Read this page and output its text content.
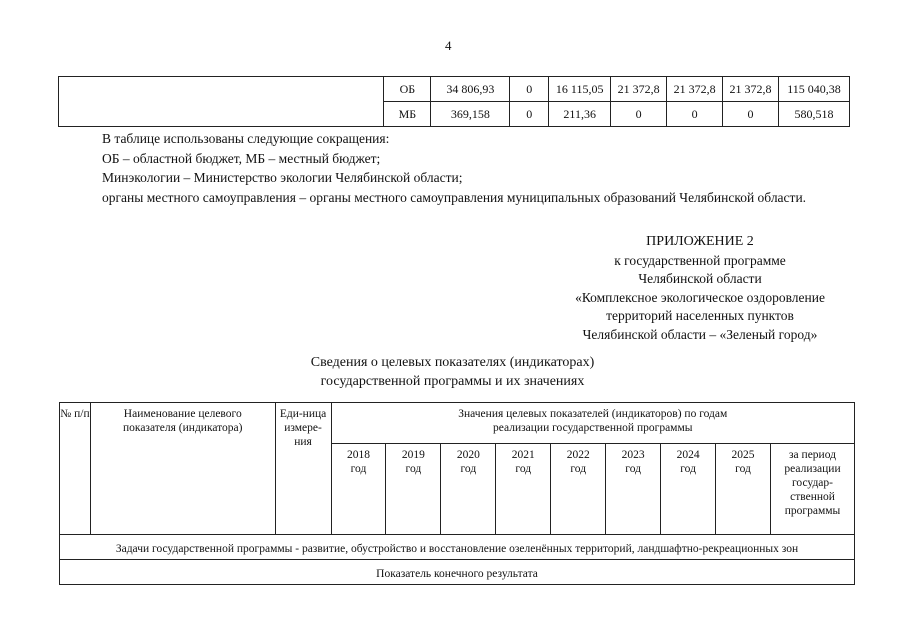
4
	ОБ	34 806,93	0	16 115,05	21 372,8	21 372,8	21 372,8	115 040,38
	МБ	369,158	0	211,36	0	0	0	580,518

В таблице использованы следующие сокращения:

ОБ – областной бюджет, МБ – местный бюджет;

Минэкологии – Министерство экологии Челябинской области;

органы местного самоуправления – органы местного самоуправления муниципальных образований Челябинской области.

ПРИЛОЖЕНИЕ 2
к государственной программе
Челябинской области
«Комплексное экологическое оздоровление
территорий населенных пунктов
Челябинской области – «Зеленый город»
Сведения о целевых показателях (индикаторах)
государственной программы и их значениях
№ п/п	Наименование целевого показателя (индикатора)	Еди-ница измере-ния	Значения целевых показателей (индикаторов) по годам реализации государственной программы								
			2018 год	2019 год	2020 год	2021 год	2022 год	2023 год	2024 год	2025 год	за период реализации государ-ственной программы
Задачи государственной программы - развитие, обустройство и восстановление озеленённых территорий, ландшафтно-рекреационных зон											
Показатель конечного результата											
